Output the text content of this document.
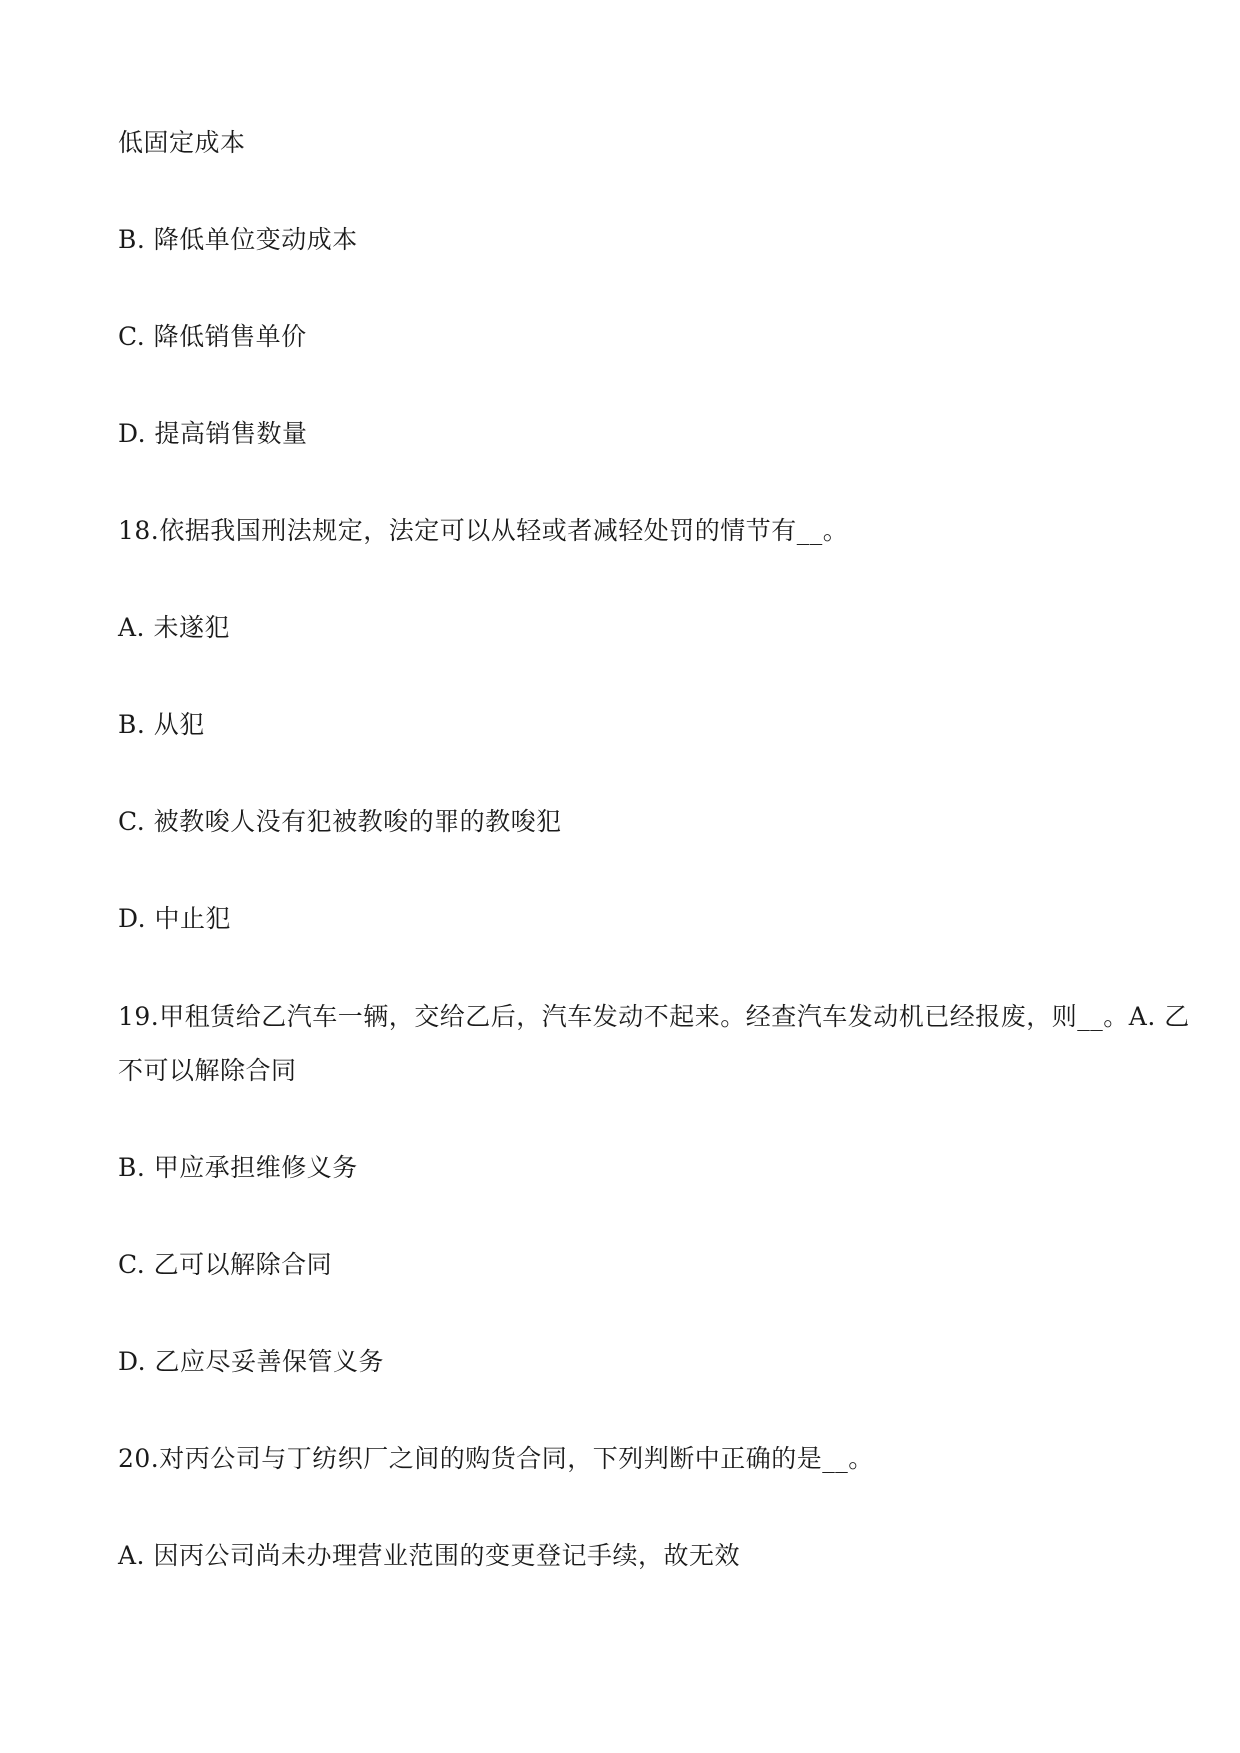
低固定成本
B. 降低单位变动成本
C. 降低销售单价
D. 提高销售数量
18.依据我国刑法规定，法定可以从轻或者减轻处罚的情节有__。
A. 未遂犯
B. 从犯
C. 被教唆人没有犯被教唆的罪的教唆犯
D. 中止犯
19.甲租赁给乙汽车一辆，交给乙后，汽车发动不起来。经查汽车发动机已经报废，则__。A. 乙
不可以解除合同
B. 甲应承担维修义务
C. 乙可以解除合同
D. 乙应尽妥善保管义务
20.对丙公司与丁纺织厂之间的购货合同，下列判断中正确的是__。
A. 因丙公司尚未办理营业范围的变更登记手续，故无效
